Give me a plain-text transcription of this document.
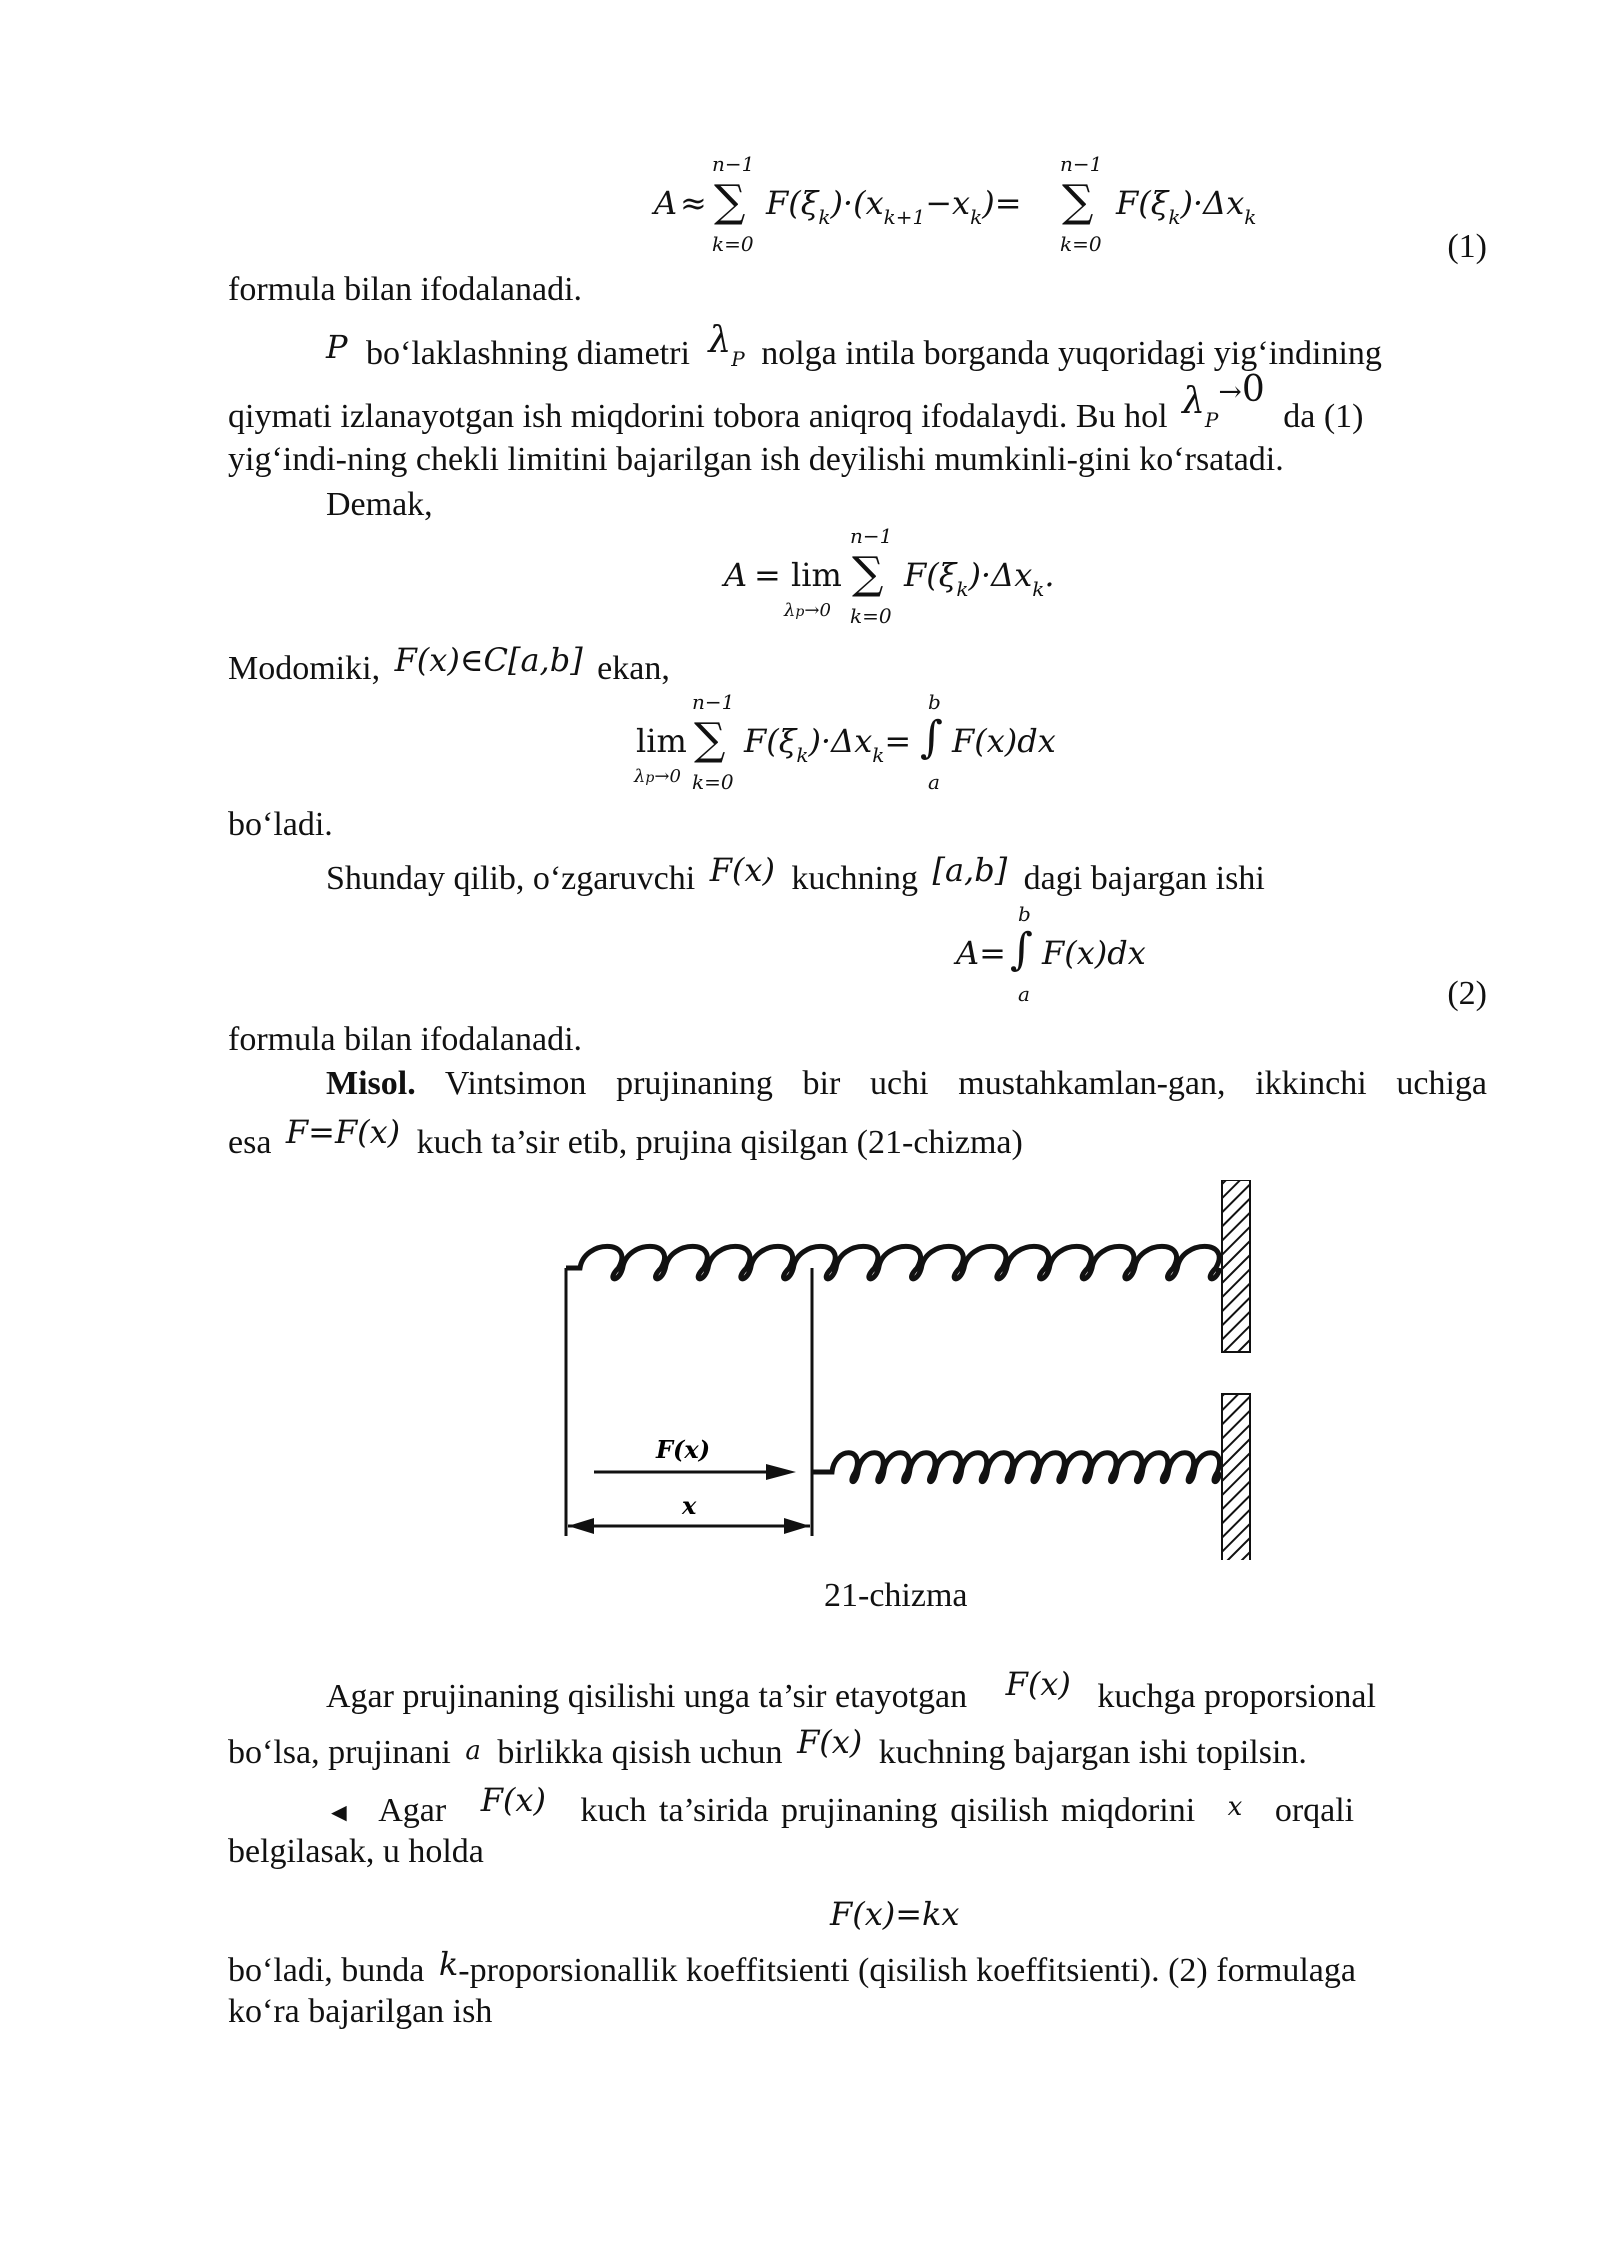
A ≈
n−1
∑
k=0
$F(\xi_k)\cdot(x_{k+1}-x_k)=$
n−1
∑
k=0
$F(\xi_k)\cdot\Delta x_k$
(1)
formula bilan ifodalanadi.
P bo‘laklashning diametri $\lambda_P$ nolga intila borganda yuqoridagi yig‘indining
qiymati izlanayotgan ish miqdorini tobora aniqroq ifodalaydi. Bu hol $\lambda_P^\to 0$ da (1)
yig‘indi-ning chekli limitini bajarilgan ish deyilishi mumkinli-gini ko‘rsatadi.
Demak,
A = lim
λp→0
n−1
∑
k=0
$F(\xi_k)\cdot\Delta x_k$.
Modomiki, F(x)∈C[a,b] ekan,
lim
λp→0
n−1
∑
k=0
$F(\xi_k)\cdot\Delta x_k=$
b
∫
a
F(x)dx
bo‘ladi.
Shunday qilib, o‘zgaruvchi F(x) kuchning [a,b] dagi bajargan ishi
A=
b
∫
a
F(x)dx
(2)
formula bilan ifodalanadi.
Misol. Vintsimon prujinaning bir uchi mustahkamlan-gan, ikkinchi uchiga
esa F=F(x) kuch ta’sir etib, prujina qisilgan (21-chizma)
F(x)
x
21-chizma
Agar prujinaning qisilishi unga ta’sir etayotgan F(x) kuchga proporsional
bo‘lsa, prujinani a birlikka qisish uchun F(x) kuchning bajargan ishi topilsin.
◄ Agar F(x) kuch ta’sirida prujinaning qisilish miqdorini x orqali
belgilasak, u holda
F(x)=kx
bo‘ladi, bunda k-proporsionallik koeffitsienti (qisilish koeffitsienti). (2) formulaga
ko‘ra bajarilgan ish
